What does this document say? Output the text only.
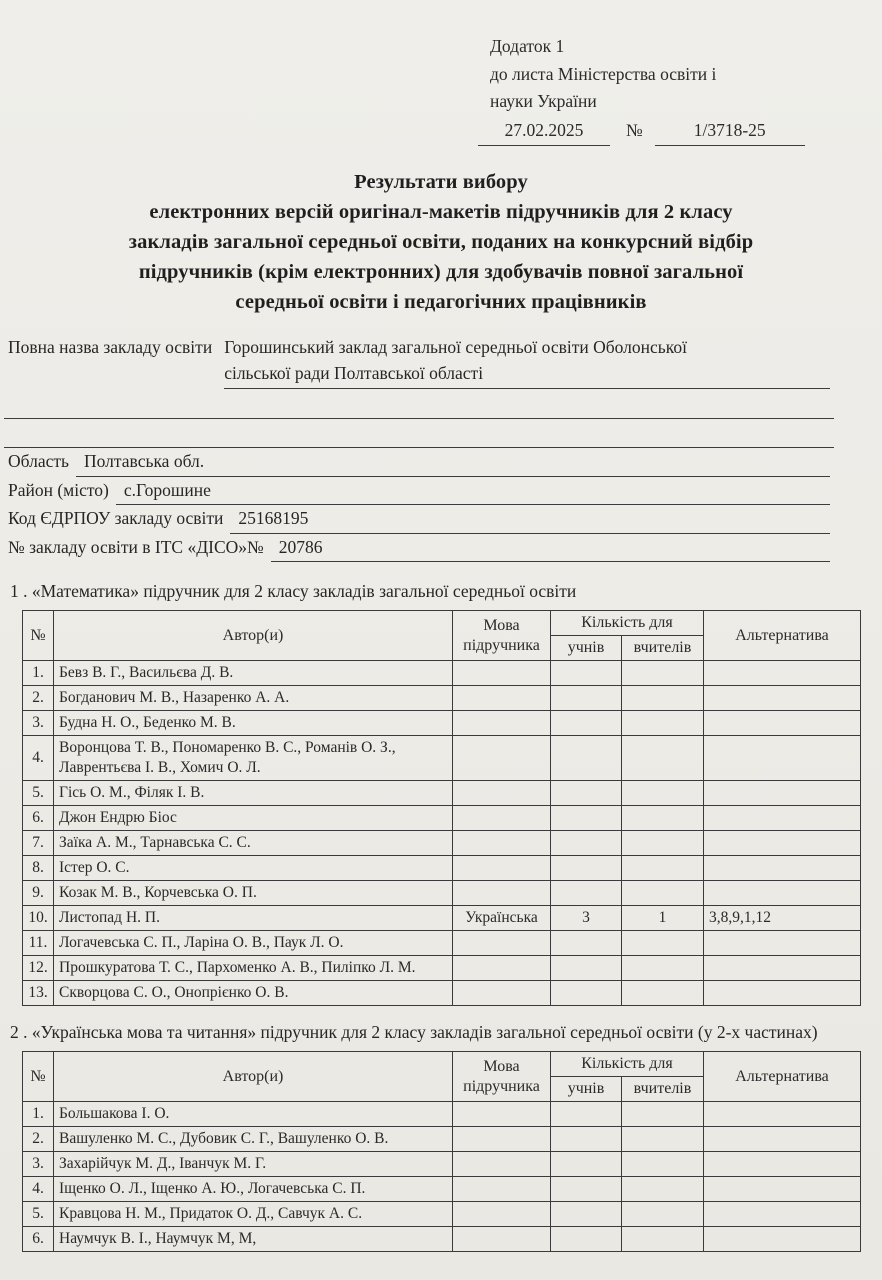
Додаток 1
до листа Міністерства освіти і
науки України
27.02.2025 №	1/3718-25
Результати вибору
електронних версій оригінал-макетів підручників для 2 класу
закладів загальної середньої освіти, поданих на конкурсний відбір
підручників (крім електронних) для здобувачів повної загальної
середньої освіти і педагогічних працівників
Повна назва закладу освіти Горошинський заклад загальної середньої освіти Оболонської
сільської ради Полтавської області
Область Полтавська обл.
Район (місто) с.Горошине
Код ЄДРПОУ закладу освіти 25168195
№ закладу освіти в ІТС «ДІСО»№ 20786
1 . «Математика» підручник для 2 класу закладів загальної середньої освіти
№	Автор(и)	Мова підручника	Кількість для		Альтернатива
			учнів	вчителів	
1.	Бевз В. Г., Васильєва Д. В.				
2.	Богданович М. В., Назаренко А. А.				
3.	Будна Н. О., Беденко М. В.				
4.	Воронцова Т. В., Пономаренко В. С., Романів О. З., Лаврентьєва І. В., Хомич О. Л.				
5.	Гісь О. М., Філяк І. В.				
6.	Джон Ендрю Біос				
7.	Заїка А. М., Тарнавська С. С.				
8.	Істер О. С.				
9.	Козак М. В., Корчевська О. П.				
10.	Листопад Н. П.	Українська	3	1	3,8,9,1,12
11.	Логачевська С. П., Ларіна О. В., Паук Л. О.				
12.	Прошкуратова Т. С., Пархоменко А. В., Пиліпко Л. М.				
13.	Скворцова С. О., Онопрієнко О. В.				
2 . «Українська мова та читання» підручник для 2 класу закладів загальної середньої освіти (у 2-х частинах)
№	Автор(и)	Мова підручника	Кількість для		Альтернатива
			учнів	вчителів	
1.	Большакова І. О.				
2.	Вашуленко М. С., Дубовик С. Г., Вашуленко О. В.				
3.	Захарійчук М. Д., Іванчук М. Г.				
4.	Іщенко О. Л., Іщенко А. Ю., Логачевська С. П.				
5.	Кравцова Н. М., Придаток О. Д., Савчук А. С.				
6.	Наумчук В. І., Наумчук М, М,				
